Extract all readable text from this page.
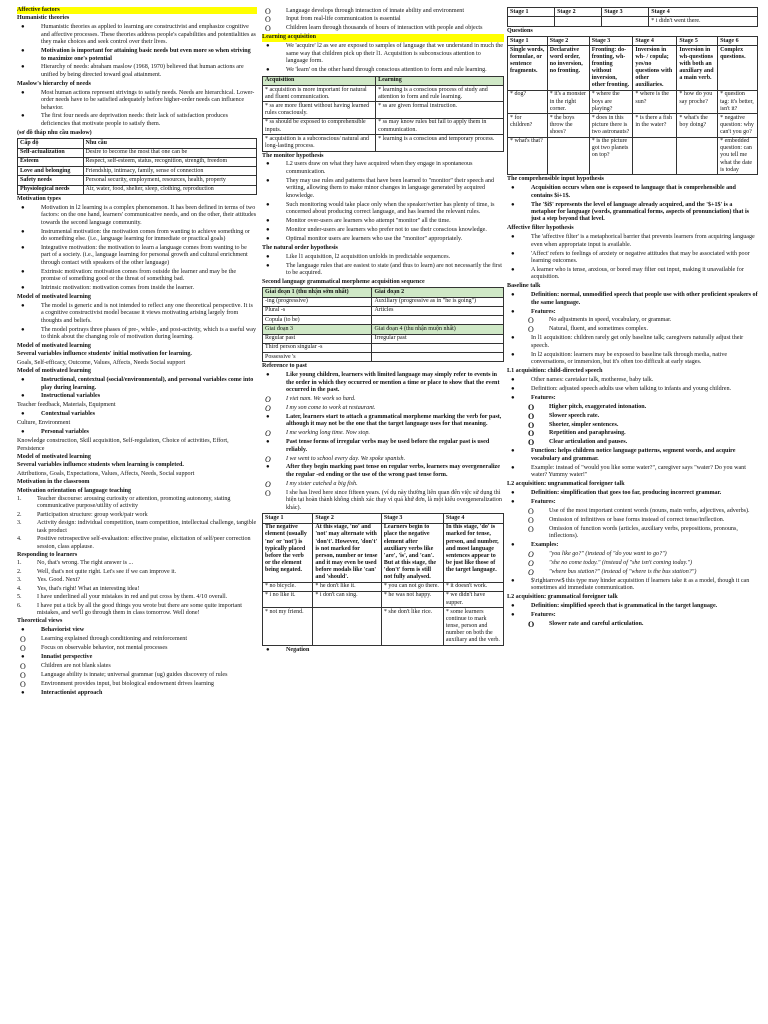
Affective factors
Humanistic theories
● Humanistic theories as applied to learning are constructivist and emphasize cognitive and affective processes. These theories address people's capabilities and potentialities as they make choices and seek control over their lives.
● Motivation is important for attaining basic needs but even more so when striving to maximize one's potential
● Hierarchy of needs: abraham maslow (1968, 1970) believed that human actions are unified by being directed toward goal attainment.
Maslow's hierarchy of needs
● Most human actions represent strivings to satisfy needs. Needs are hierarchical. Lower-order needs have to be satisfied adequately before higher-order needs can influence behavior.
● The first four needs are deprivation needs: their lack of satisfaction produces deficiencies that motivate people to satisfy them.
(sơ đồ tháp nhu cầu maslow)
Cấp độ	Nhu cầu
Self-actualization	Desire to become the most that one can be
Esteem	Respect, self-esteem, status, recognition, strength, freedom
Love and belonging	Friendship, intimacy, family, sense of connection
Safety needs	Personal security, employment, resources, health, property
Physiological needs	Air, water, food, shelter, sleep, clothing, reproduction
Motivation types
● Motivation in l2 learning is a complex phenomenon. It has been defined in terms of two factors: on the one hand, learners' communicative needs, and on the other, their attitudes towards the second language community.
● Instrumental motivation: the motivation comes from wanting to achieve something or do something else. (i.e., language learning for immediate or practical goals)
● Integrative motivation: the motivation to learn a language comes from wanting to be part of a society. (i.e., language learning for personal growth and cultural enrichment through contact with speakers of the other language)
● Extrinsic motivation: motivation comes from outside the learner and may be the promise of something good or the threat of something bad.
● Intrinsic motivation: motivation comes from inside the learner.
Model of motivated learning
● The model is generic and is not intended to reflect any one theoretical perspective. It is a cognitive constructivist model because it views motivating arising largely from thoughts and beliefs.
● The model portrays three phases of pre-, while-, and post-activity, which is a useful way to think about the changing role of motivation during learning.
Model of motivated learning
Several variables influence students' initial motivation for learning.
Goals, Self-efficacy, Outcome, Values, Affects, Needs Social support
Model of motivated learning
● Instructional, contextual (social/environmental), and personal variables come into play during learning.
● Instructional variables
Teacher feedback, Materials, Equipment
● Contextual variables
Culture, Environment
● Personal variables
Knowledge construction, Skill acquisition, Self-regulation, Choice of activities, Effort, Persistence
Model of motivated learning
Several variables influence students when learning is completed.
Attributions, Goals, Expectations, Values, Affects, Needs, Social support
Motivation in the classroom
Motivation orientation of language teaching
1.	Teacher discourse: arousing curiosity or attention, promoting autonomy, stating communicative purpose/utility of activity
2.	Participation structure: group work/pair work
3.	Activity design: individual competition, team competition, intellectual challenge, tangible task product
4.	Positive retrospective self-evaluation: effective praise, elicitation of self/peer correction session, class applause.
Responding to learners
1.	No, that's wrong. The right answer is ...
2.	Well, that's not quite right. Let's see if we can improve it.
3.	Yes. Good. Next?
4.	Yes, that's right! What an interesting idea!
5.	I have underlined all your mistakes in red and put cross by them. 4/10 overall.
6.	I have put a tick by all the good things you wrote but there are some quite important mistakes, and we'll go through them in class tomorrow. Well done!
Theoretical views
● Behaviorist view
O Learning explained through conditioning and reinforcement
O Focus on observable behavior, not mental processes
● Innatist perspective
O Children are not blank slates
O Language ability is innate; universal grammar (ug) guides discovery of rules
O Environment provides input, but biological endowment drives learning
● Interactionist approach
O Language develops through interaction of innate ability and environment
O Input from real-life communication is essential
O Children learn through thousands of hours of interaction with people and objects
Learning acquisition
● We 'acquire' l2 as we are exposed to samples of language that we understand in much the same way that children pick up their l1. Acquisition is subconscious attention to language form.
● We 'learn' on the other hand through conscious attention to form and rule learning.
Acquisition	Learning
* acquisition is more important for natural and fluent communication.	* learning is a conscious process of study and attention to form and rule learning.
* ss are more fluent without having learned rules consciously.	* ss are given formal instruction.
* ss should be exposed to comprehensible inputs.	* ss may know rules but fail to apply them in communication.
* acquisition is a subconscious/ natural and long-lasting process.	* learning is a conscious and temporary process.
The monitor hypothesis
● L2 users draw on what they have acquired when they engage in spontaneous communication.
● They may use rules and patterns that have been learned to "monitor" their speech and writing, allowing them to make minor changes in language generated by acquired knowledge.
● Such monitoring would take place only when the speaker/writer has plenty of time, is concerned about producing correct language, and has learned the relevant rules.
● Monitor over-users are learners who attempt "monitor" all the time.
● Monitor under-users are learners who prefer not to use their conscious knowledge.
● Optimal monitor users are learners who use the "monitor" appropriately.
The natural order hypothesis
● Like l1 acquisition, l2 acquisition unfolds in predictable sequences.
● The language rules that are easiest to state (and thus to learn) are not necessarily the first to be acquired.
Second language grammatical morpheme acquisition sequence
Giai đoạn 1 (thu nhận sớm nhất)	Giai đoạn 2
-ing (progressive)	Auxiliary (progressive as in "he is going")
Plural -s	Articles
Copula (to be)	
Giai đoạn 3	Giai đoạn 4 (thu nhận muộn nhất)
Regular past	Irregular past
Third person singular -s	
Possessive 's	
Reference to past
● Like young children, learners with limited language may simply refer to events in the order in which they occurred or mention a time or place to show that the event occurred in the past.
O I viet nam. We work so hard.
O I my son come to work at restaurant.
● Later, learners start to attach a grammatical morpheme marking the verb for past, although it may not be the one that the target language uses for that meaning.
O I me working long time. Now stop.
● Past tense forms of irregular verbs may be used before the regular past is used reliably.
O I we went to school every day. We spoke spanish.
● After they begin marking past tense on regular verbs, learners may overgeneralize the regular -ed ending or the use of the wrong past tense form.
O I my sister catched a big fish.
O I she has lived here since fifteen years. (ví dụ này thường liên quan đến việc sử dụng thì hiện tại hoàn thành không chính xác thay vì quá khứ đơn, là một kiểu overgeneralization khác).
Stage 1	Stage 2	Stage 3	Stage 4
The negative element (usually 'no' or 'not') is typically placed before the verb or the element being negated.	At this stage, 'no' and 'not' may alternate with 'don't'. However, 'don't' is not marked for person, number or tense and it may even be used before modals like 'can' and 'should'.	Learners begin to place the negative element after auxiliary verbs like 'are', 'is', and 'can'. But at this stage, the 'don't' form is still not fully analysed.	In this stage, 'do' is marked for tense, person, and number, and most language sentences appear to be just like those of the target language.
* no bicycle.	* he don't like it.	* you can not go there.	* it doesn't work.
* i no like it.	* i don't can sing.	* he was not happy.	* we didn't have supper.
* not my friend.		* she don't like rice.	* some learners continue to mark tense, person and number on both the auxiliary and the verb.
● Negation
Stage 1	Stage 2	Stage 3	Stage 4
			* i didn't went there.
Questions
Stage 1	Stage 2	Stage 3	Stage 4	Stage 5	Stage 6
Single words, formulae, or sentence fragments.	Declarative word order, no inversion, no fronting.	Fronting: do-fronting, wh-fronting without inversion, other fronting.	Inversion in wh- / copula; yes/no questions with other auxiliaries.	Inversion in wh-questions with both an auxiliary and a main verb.	Complex questions.
* dog?	* it's a monster in the right corner.	* where the boys are playing?	* where is the sun?	* how do you say proche?	* question tag: it's better, isn't it?
* for children?	* the boys throw the shoes?	* does in this picture there is two astronauts?	* is there a fish in the water?	* what's the boy doing?	* negative question: why can't you go?
* what's that?		* is the picture got two planets on top?			* embedded question: can you tell me what the date is today
The comprehensible input hypothesis
● Acquisition occurs when one is exposed to language that is comprehensible and contains $i+1$.
● The '$i$' represents the level of language already acquired, and the '$+1$' is a metaphor for language (words, grammatical forms, aspects of pronunciation) that is just a step beyond that level.
Affective filter hypothesis
● The 'affective filter' is a metaphorical barrier that prevents learners from acquiring language even when appropriate input is available.
● 'Affect' refers to feelings of anxiety or negative attitudes that may be associated with poor learning outcomes.
● A learner who is tense, anxious, or bored may filter out input, making it unavailable for acquisition.
Baseline talk
● Definition: normal, unmodified speech that people use with other proficient speakers of the same language.
● Features:
O No adjustments in speed, vocabulary, or grammar.
O Natural, fluent, and sometimes complex.
● In l1 acquisition: children rarely get only baseline talk; caregivers naturally adjust their speech.
● In l2 acquisition: learners may be exposed to baseline talk through media, native conversations, or immersion, but it's often too difficult at early stages.
L1 acquisition: child-directed speech
● Other names: caretaker talk, motherese, baby talk.
● Definition: adjusted speech adults use when talking to infants and young children.
● Features:
O Higher pitch, exaggerated intonation.
O Slower speech rate.
O Shorter, simpler sentences.
O Repetition and paraphrasing.
O Clear articulation and pauses.
● Function: helps children notice language patterns, segment words, and acquire vocabulary and grammar.
● Example: instead of "would you like some water?", caregiver says "water? Do you want water? Yummy water!"
L2 acquisition: ungrammatical foreigner talk
● Definition: simplification that goes too far, producing incorrect grammar.
● Features:
O Use of the most important content words (nouns, main verbs, adjectives, adverbs).
O Omission of infinitives or base forms instead of correct tense/inflection.
O Omission of function words (articles, auxiliary verbs, prepositions, pronouns, inflections).
● Examples:
O "you like go?" (instead of "do you want to go?")
O "she no come today." (instead of "she isn't coming today.")
O "where bus station?" (instead of "where is the bus station?")
● $\rightarrow$ this type may hinder acquisition if learners take it as a model, though it can sometimes aid immediate communication.
L2 acquisition: grammatical foreigner talk
● Definition: simplified speech that is grammatical in the target language.
● Features:
O Slower rate and careful articulation.
